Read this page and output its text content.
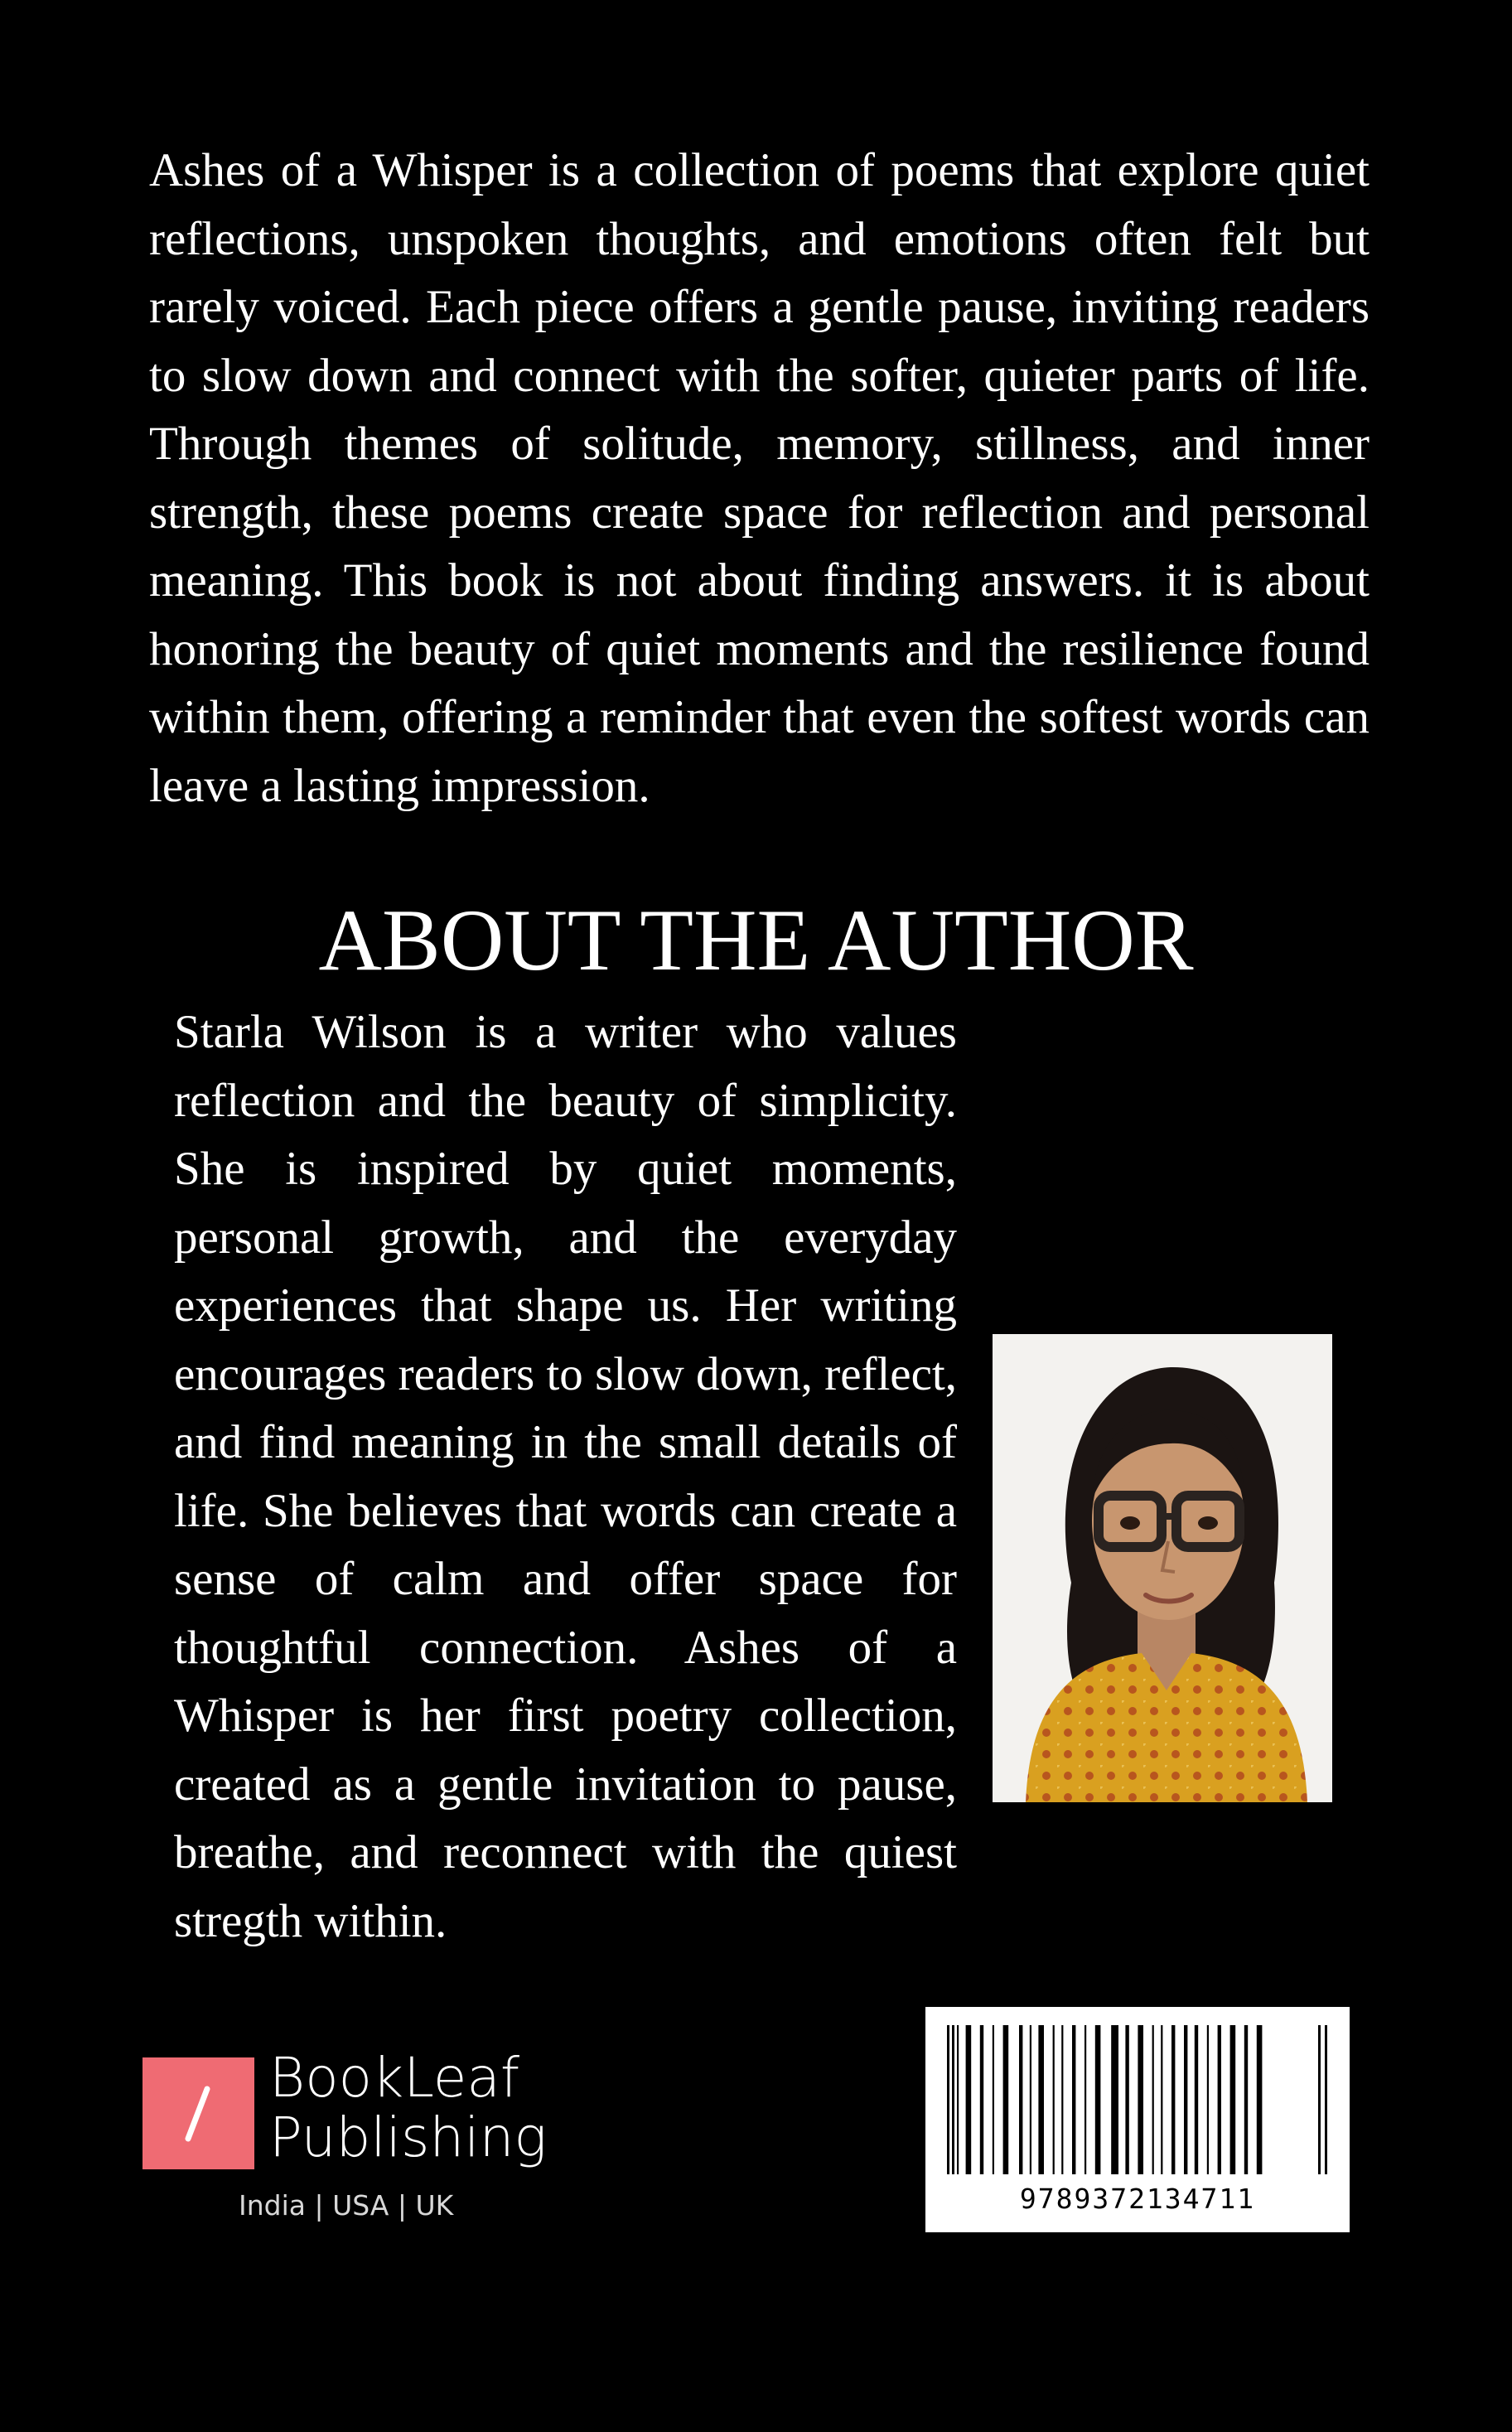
Ashes of a Whisper is a collection of poems that explore quiet reflections, unspoken thoughts, and emotions often felt but rarely voiced. Each piece offers a gentle pause, inviting readers to slow down and connect with the softer, quieter parts of life. Through themes of solitude, memory, stillness, and inner strength, these poems create space for reflection and personal meaning. This book is not about finding answers. it is about honoring the beauty of quiet moments and the resilience found within them, offering a reminder that even the softest words can leave a lasting impression.

ABOUT THE AUTHOR

Starla Wilson is a writer who values reflection and the beauty of simplicity. She is inspired by quiet moments, personal growth, and the everyday experiences that shape us. Her writing encourages readers to slow down, reflect, and find meaning in the small details of life. She believes that words can create a sense of calm and offer space for thoughtful connection. Ashes of a Whisper is her first poetry collection, created as a gentle invitation to pause, breathe, and reconnect with the quiest stregth within.

BookLeaf
Publishing
India | USA | UK	9789372134711
